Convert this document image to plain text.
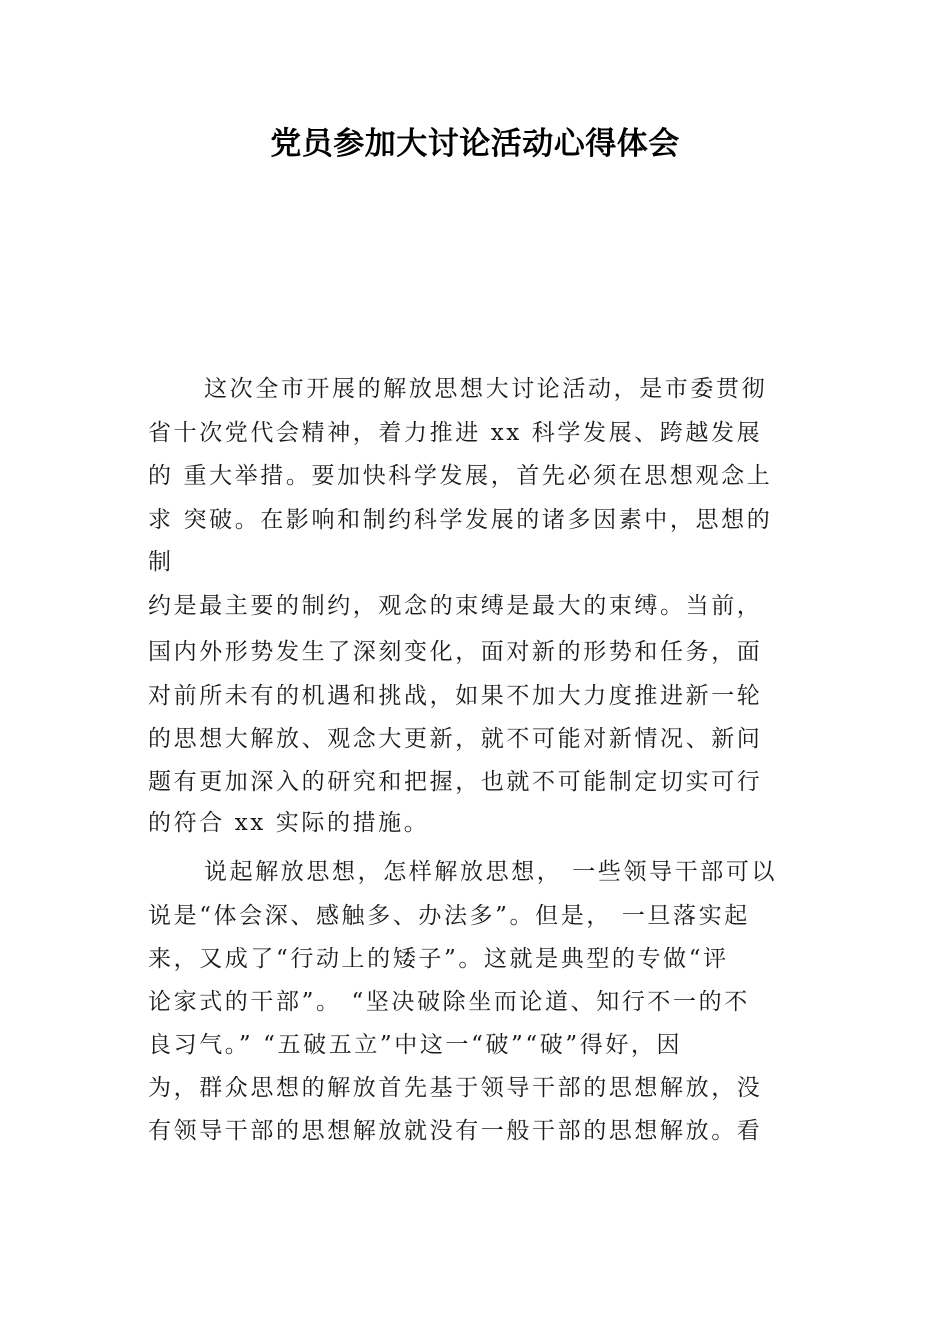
党员参加大讨论活动心得体会
这次全市开展的解放思想大讨论活动，是市委贯彻
省十次党代会精神，着力推进 xx 科学发展、跨越发展
的 重大举措。要加快科学发展，首先必须在思想观念上
求 突破。在影响和制约科学发展的诸多因素中，思想的
制
约是最主要的制约，观念的束缚是最大的束缚。当前，
国内外形势发生了深刻变化，面对新的形势和任务，面
对前所未有的机遇和挑战，如果不加大力度推进新一轮
的思想大解放、观念大更新，就不可能对新情况、新问
题有更加深入的研究和把握，也就不可能制定切实可行
的符合 xx 实际的措施。
说起解放思想，怎样解放思想， 一些领导干部可以
说是“体会深、感触多、办法多”。但是， 一旦落实起
来，又成了“行动上的矮子”。这就是典型的专做“评
论家式的干部”。 “坚决破除坐而论道、知行不一的不
良习气。” “五破五立”中这一“破”“破”得好，因
为，群众思想的解放首先基于领导干部的思想解放，没
有领导干部的思想解放就没有一般干部的思想解放。看
